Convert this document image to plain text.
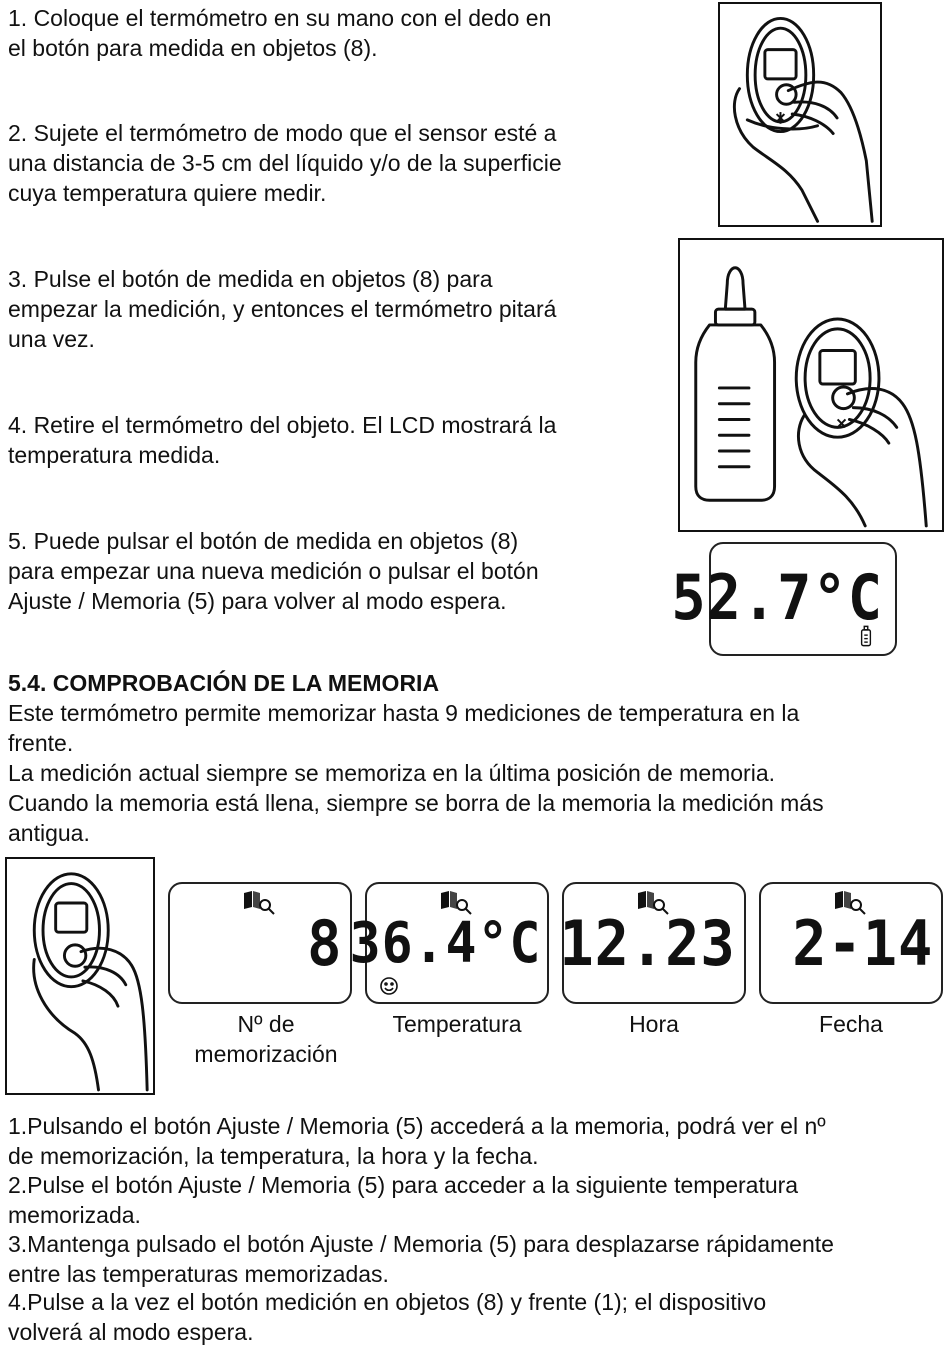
1. Coloque el termómetro en su mano con el dedo en
el botón para medida en objetos (8).

2. Sujete el termómetro de modo que el sensor esté a
una distancia de 3-5 cm del líquido y/o de la superficie
cuya temperatura quiere medir.

3. Pulse el botón de medida en objetos (8) para
empezar la medición, y entonces el termómetro pitará
una vez.

4. Retire el termómetro del objeto. El LCD mostrará la
temperatura medida.

5. Puede pulsar el botón de medida en objetos (8)
para empezar una nueva medición o pulsar el botón
Ajuste / Memoria (5) para volver al modo espera.	52.7°C
5.4. COMPROBACIÓN DE LA MEMORIA

Este termómetro permite memorizar hasta 9 mediciones de temperatura en la
frente.
La medición actual siempre se memoriza en la última posición de memoria.
Cuando la memoria está llena, siempre se borra de la memoria la medición más
antigua.

8 36.4°C 12.23 2-14
Nº de
memorización
Temperatura	Hora	Fecha

1.Pulsando el botón Ajuste / Memoria (5) accederá a la memoria, podrá ver el nº
de memorización, la temperatura, la hora y la fecha.

2.Pulse el botón Ajuste / Memoria (5) para acceder a la siguiente temperatura
memorizada.

3.Mantenga pulsado el botón Ajuste / Memoria (5) para desplazarse rápidamente
entre las temperaturas memorizadas.

4.Pulse a la vez el botón medición en objetos (8) y frente (1); el dispositivo
volverá al modo espera.
